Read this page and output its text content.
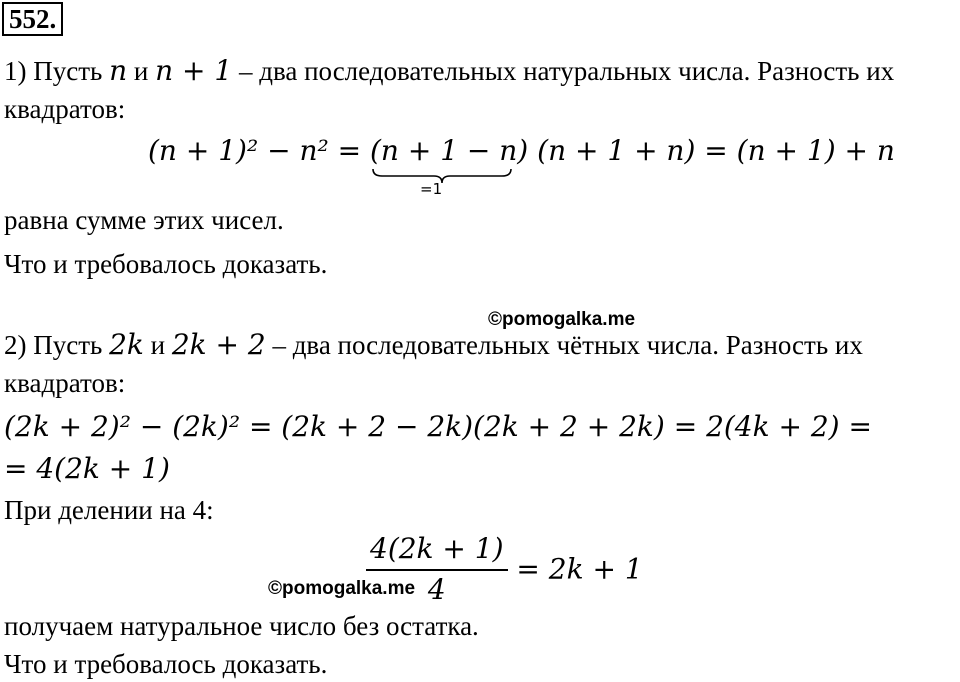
552.
1) Пусть n и n + 1 – два последовательных натуральных числа. Разность их
квадратов:
(n + 1)² − n² = (n + 1 − n) (n + 1 + n) = (n + 1) + n
=1
равна сумме этих чисел.
Что и требовалось доказать.
©pomogalka.me
2) Пусть 2k и 2k + 2 – два последовательных чётных числа. Разность их
квадратов:
(2k + 2)² − (2k)² = (2k + 2 − 2k)(2k + 2 + 2k) = 2(4k + 2) =
= 4(2k + 1)
При делении на 4:
$\frac{4(2k + 1)}{4} = 2k + 1$
©pomogalka.me
получаем натуральное число без остатка.
Что и требовалось доказать.
